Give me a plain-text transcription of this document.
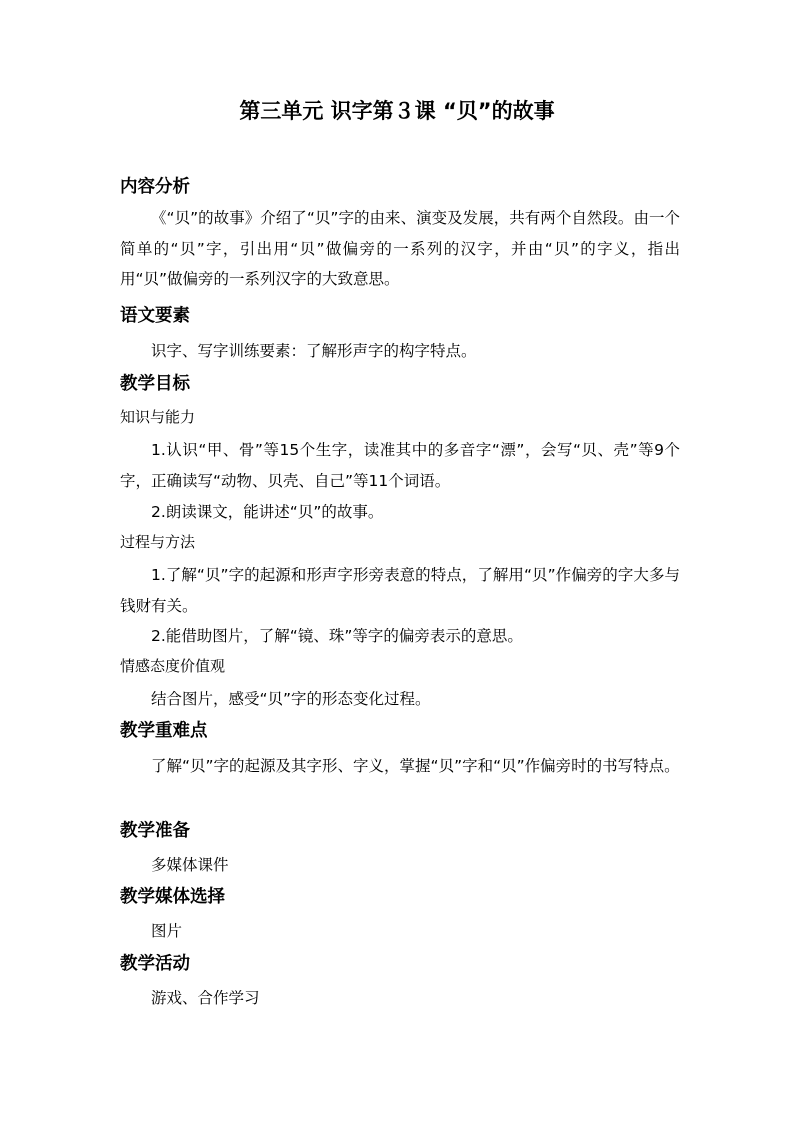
第三单元 识字第３课 “贝”的故事
内容分析
《“贝”的故事》介绍了“贝”字的由来、演变及发展，共有两个自然段。由一个简单的“贝”字，引出用“贝”做偏旁的一系列的汉字，并由“贝”的字义，指出用“贝”做偏旁的一系列汉字的大致意思。
语文要素
识字、写字训练要素：了解形声字的构字特点。
教学目标
知识与能力
1.认识“甲、骨”等15个生字，读准其中的多音字“漂”，会写“贝、壳”等9个字，正确读写“动物、贝壳、自己”等11个词语。
2.朗读课文，能讲述“贝”的故事。
过程与方法
1.了解“贝”字的起源和形声字形旁表意的特点，了解用“贝”作偏旁的字大多与钱财有关。
2.能借助图片，了解“镜、珠”等字的偏旁表示的意思。
情感态度价值观
结合图片，感受“贝”字的形态变化过程。
教学重难点
了解“贝”字的起源及其字形、字义，掌握“贝”字和“贝”作偏旁时的书写特点。
教学准备
多媒体课件
教学媒体选择
图片
教学活动
游戏、合作学习
